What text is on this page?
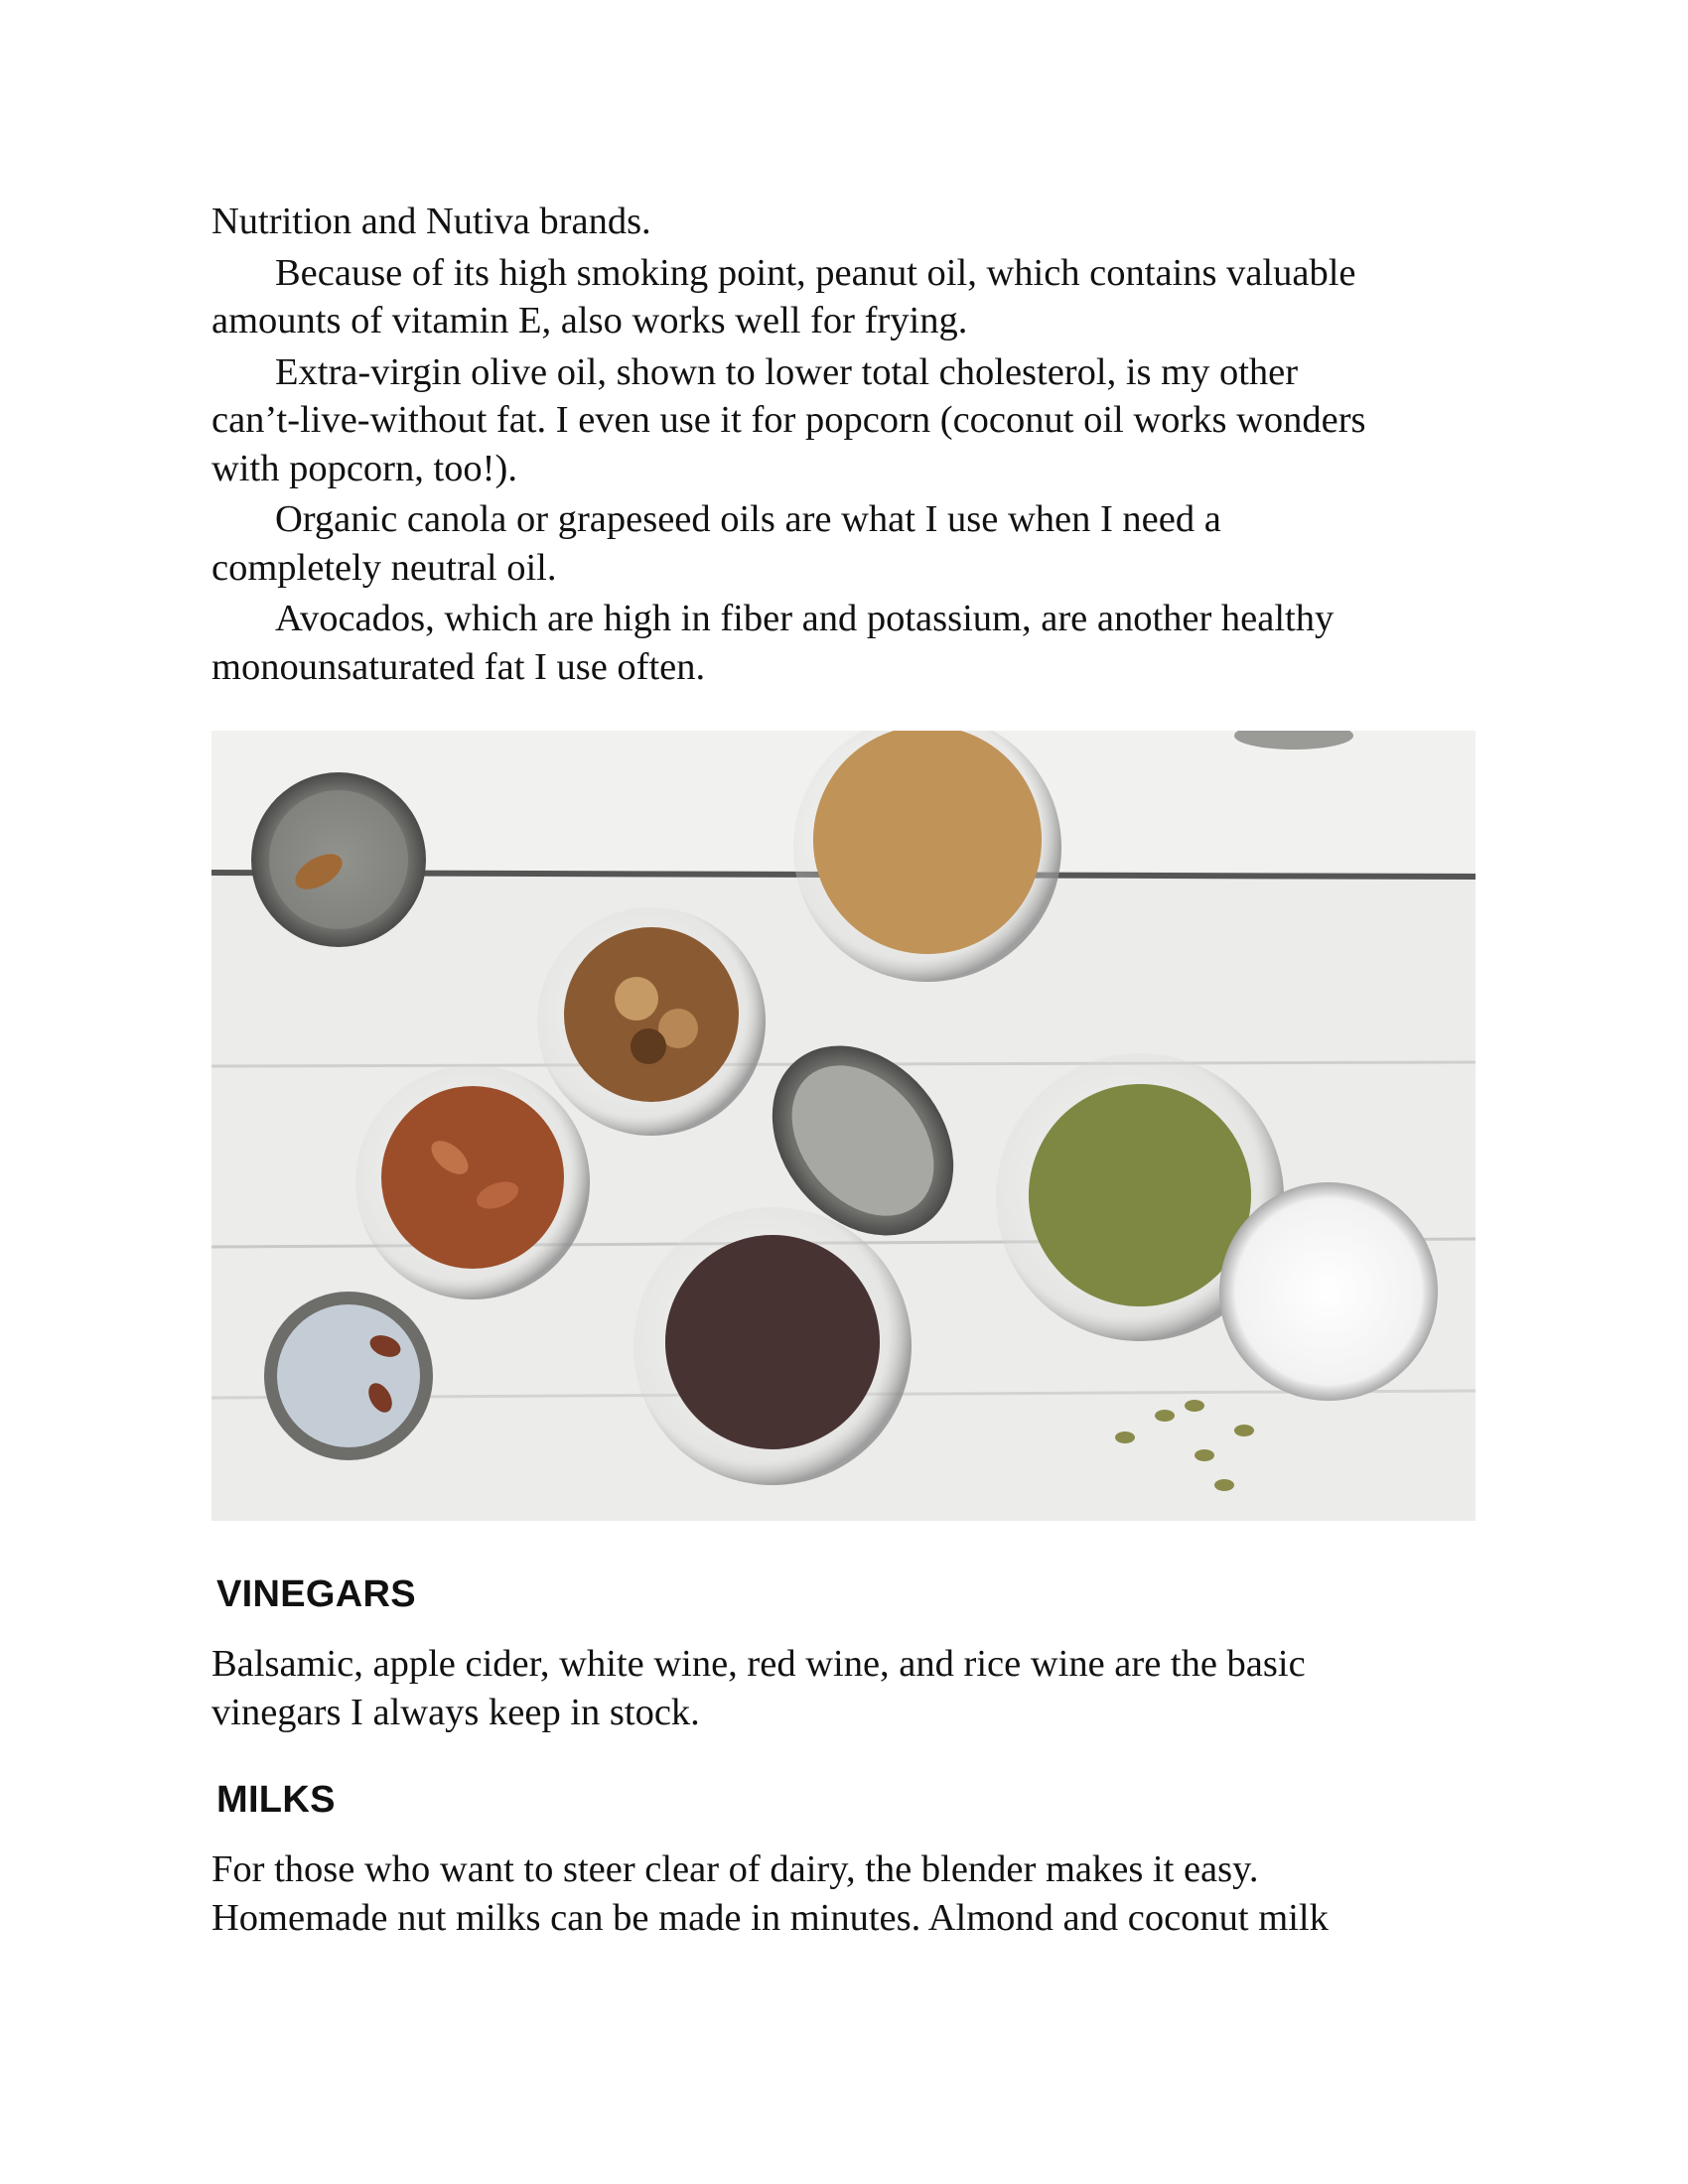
Nutrition and Nutiva brands.

Because of its high smoking point, peanut oil, which contains valuable
amounts of vitamin E, also works well for frying.

Extra-virgin olive oil, shown to lower total cholesterol, is my other
can’t-live-without fat. I even use it for popcorn (coconut oil works wonders
with popcorn, too!).

Organic canola or grapeseed oils are what I use when I need a
completely neutral oil.

Avocados, which are high in fiber and potassium, are another healthy
monounsaturated fat I use often.

VINEGARS

Balsamic, apple cider, white wine, red wine, and rice wine are the basic

vinegars I always keep in stock.

MILKS

For those who want to steer clear of dairy, the blender makes it easy.

Homemade nut milks can be made in minutes. Almond and coconut milk
